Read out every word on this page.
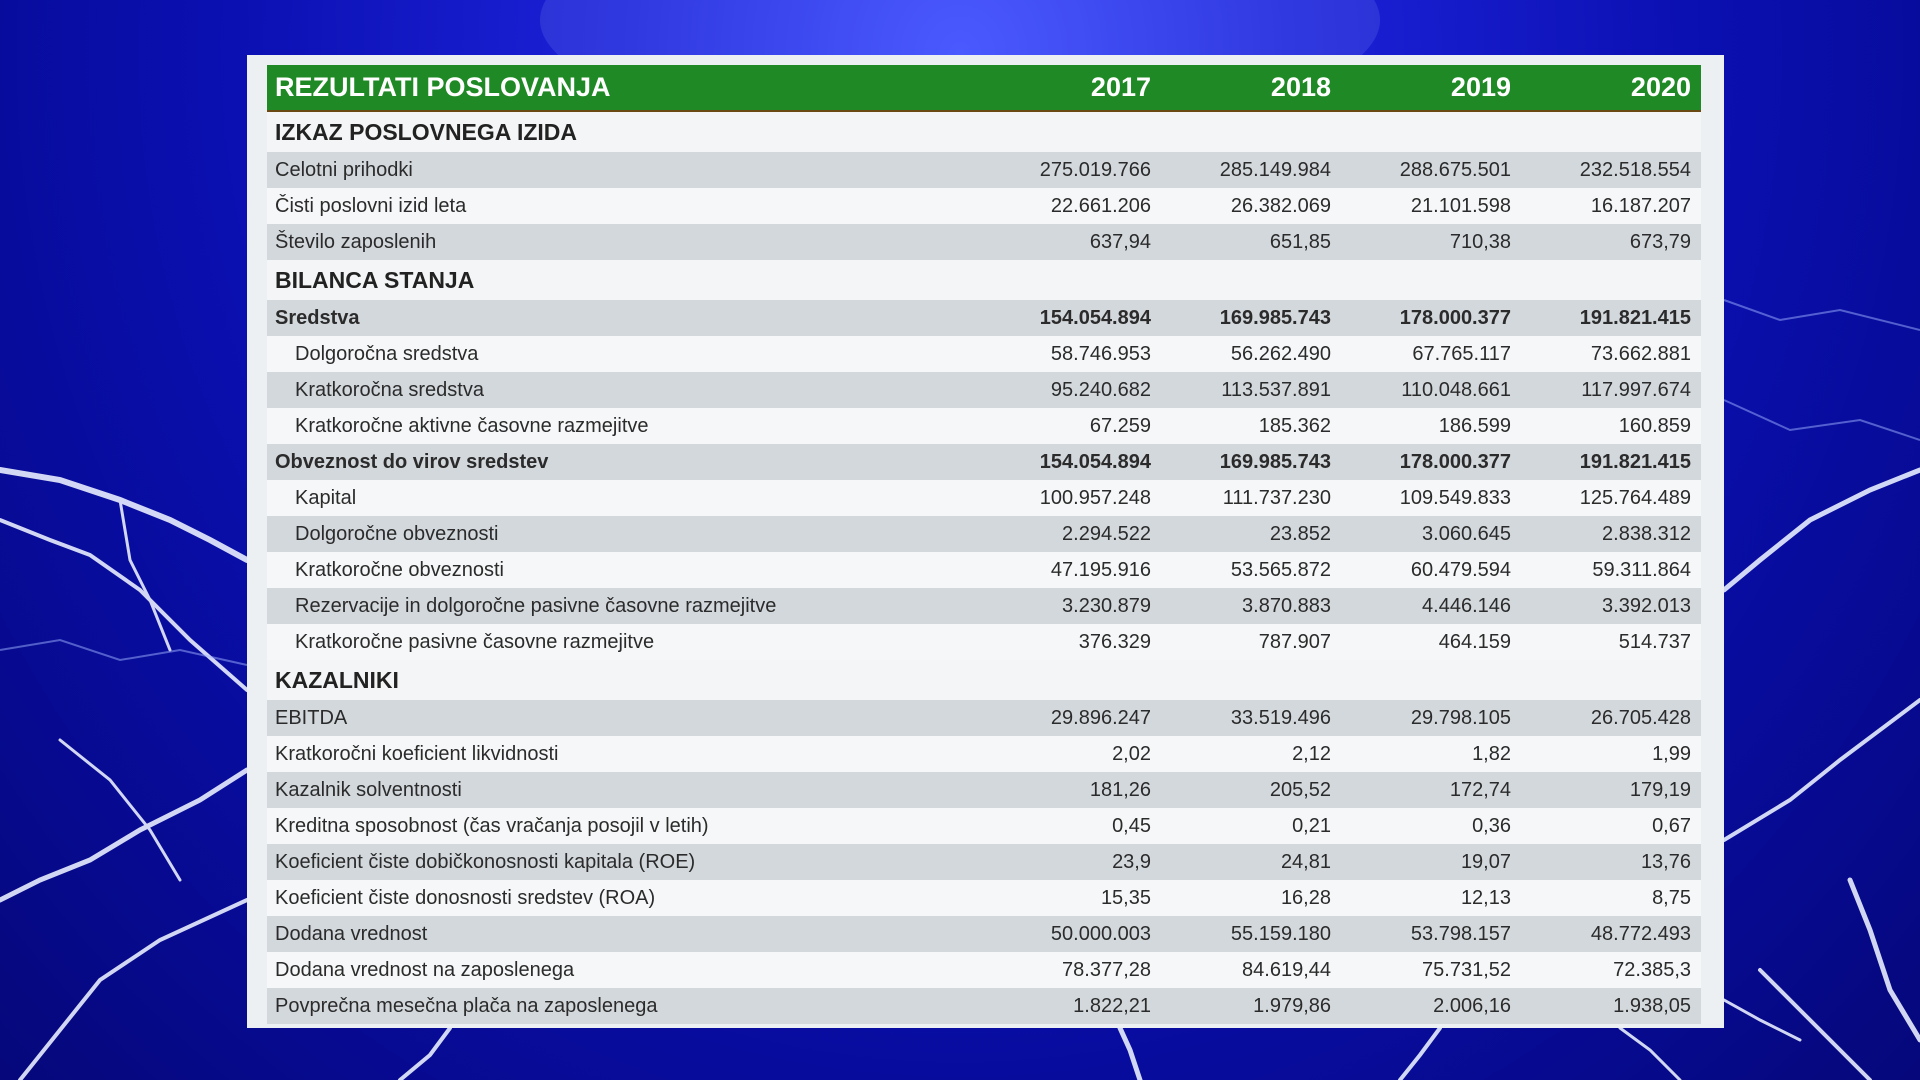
REZULTATI POSLOVANJA	2017	2018	2019	2020
IZKAZ POSLOVNEGA IZIDA				
Celotni prihodki	275.019.766	285.149.984	288.675.501	232.518.554
Čisti poslovni izid leta	22.661.206	26.382.069	21.101.598	16.187.207
Število zaposlenih	637,94	651,85	710,38	673,79
BILANCA STANJA				
Sredstva	154.054.894	169.985.743	178.000.377	191.821.415
Dolgoročna sredstva	58.746.953	56.262.490	67.765.117	73.662.881
Kratkoročna sredstva	95.240.682	113.537.891	110.048.661	117.997.674
Kratkoročne aktivne časovne razmejitve	67.259	185.362	186.599	160.859
Obveznost do virov sredstev	154.054.894	169.985.743	178.000.377	191.821.415
Kapital	100.957.248	111.737.230	109.549.833	125.764.489
Dolgoročne obveznosti	2.294.522	23.852	3.060.645	2.838.312
Kratkoročne obveznosti	47.195.916	53.565.872	60.479.594	59.311.864
Rezervacije in dolgoročne pasivne časovne razmejitve	3.230.879	3.870.883	4.446.146	3.392.013
Kratkoročne pasivne časovne razmejitve	376.329	787.907	464.159	514.737
KAZALNIKI				
EBITDA	29.896.247	33.519.496	29.798.105	26.705.428
Kratkoročni koeficient likvidnosti	2,02	2,12	1,82	1,99
Kazalnik solventnosti	181,26	205,52	172,74	179,19
Kreditna sposobnost (čas vračanja posojil v letih)	0,45	0,21	0,36	0,67
Koeficient čiste dobičkonosnosti kapitala (ROE)	23,9	24,81	19,07	13,76
Koeficient čiste donosnosti sredstev (ROA)	15,35	16,28	12,13	8,75
Dodana vrednost	50.000.003	55.159.180	53.798.157	48.772.493
Dodana vrednost na zaposlenega	78.377,28	84.619,44	75.731,52	72.385,3
Povprečna mesečna plača na zaposlenega	1.822,21	1.979,86	2.006,16	1.938,05
